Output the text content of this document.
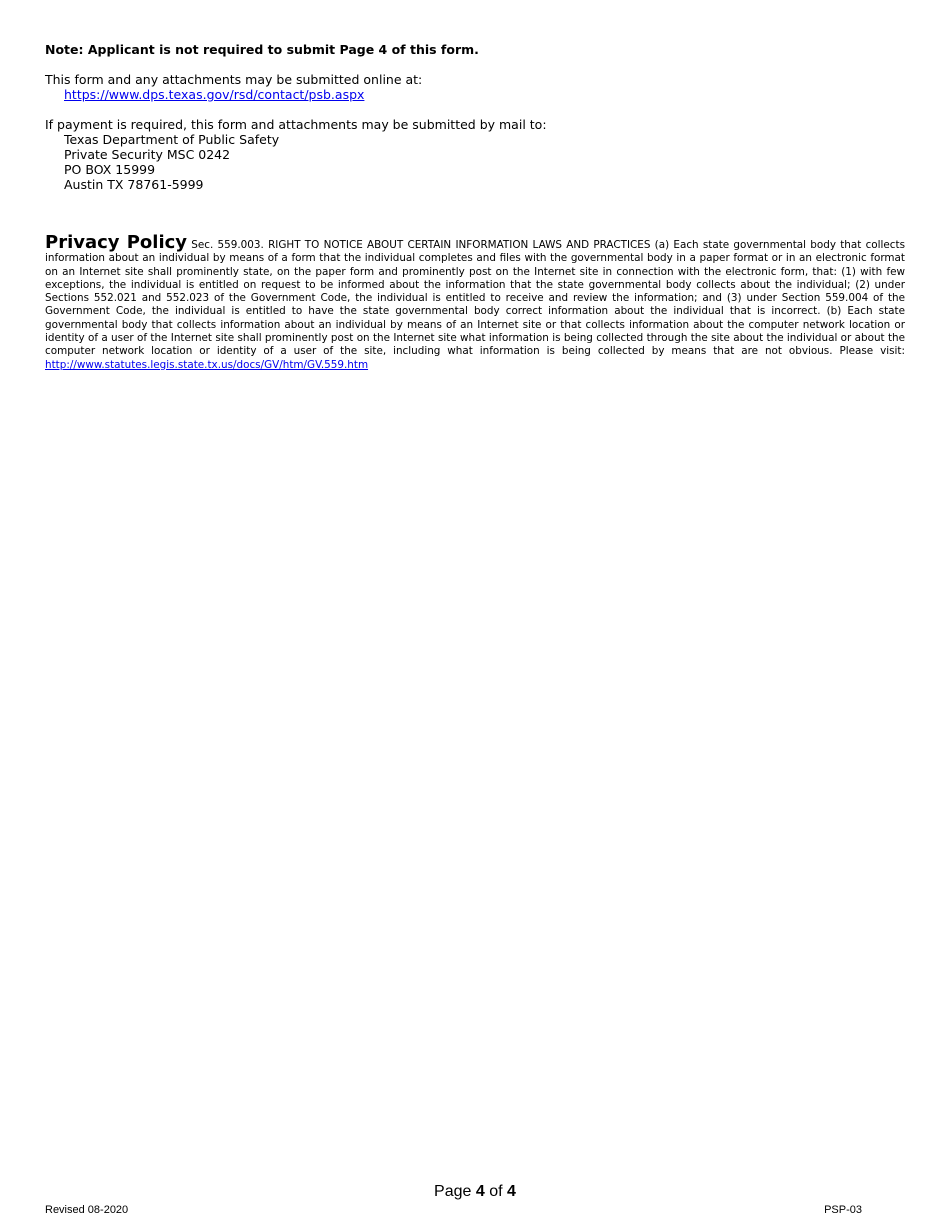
Note: Applicant is not required to submit Page 4 of this form.
This form and any attachments may be submitted online at:
https://www.dps.texas.gov/rsd/contact/psb.aspx
If payment is required, this form and attachments may be submitted by mail to:
Texas Department of Public Safety
Private Security MSC 0242
PO BOX 15999
Austin TX 78761-5999
Privacy Policy Sec. 559.003. RIGHT TO NOTICE ABOUT CERTAIN INFORMATION LAWS AND PRACTICES (a) Each state governmental body that collects information about an individual by means of a form that the individual completes and files with the governmental body in a paper format or in an electronic format on an Internet site shall prominently state, on the paper form and prominently post on the Internet site in connection with the electronic form, that: (1) with few exceptions, the individual is entitled on request to be informed about the information that the state governmental body collects about the individual; (2) under Sections 552.021 and 552.023 of the Government Code, the individual is entitled to receive and review the information; and (3) under Section 559.004 of the Government Code, the individual is entitled to have the state governmental body correct information about the individual that is incorrect. (b) Each state governmental body that collects information about an individual by means of an Internet site or that collects information about the computer network location or identity of a user of the Internet site shall prominently post on the Internet site what information is being collected through the site about the individual or about the computer network location or identity of a user of the site, including what information is being collected by means that are not obvious. Please visit: http://www.statutes.legis.state.tx.us/docs/GV/htm/GV.559.htm
Page 4 of 4
Revised 08-2020	PSP-03
